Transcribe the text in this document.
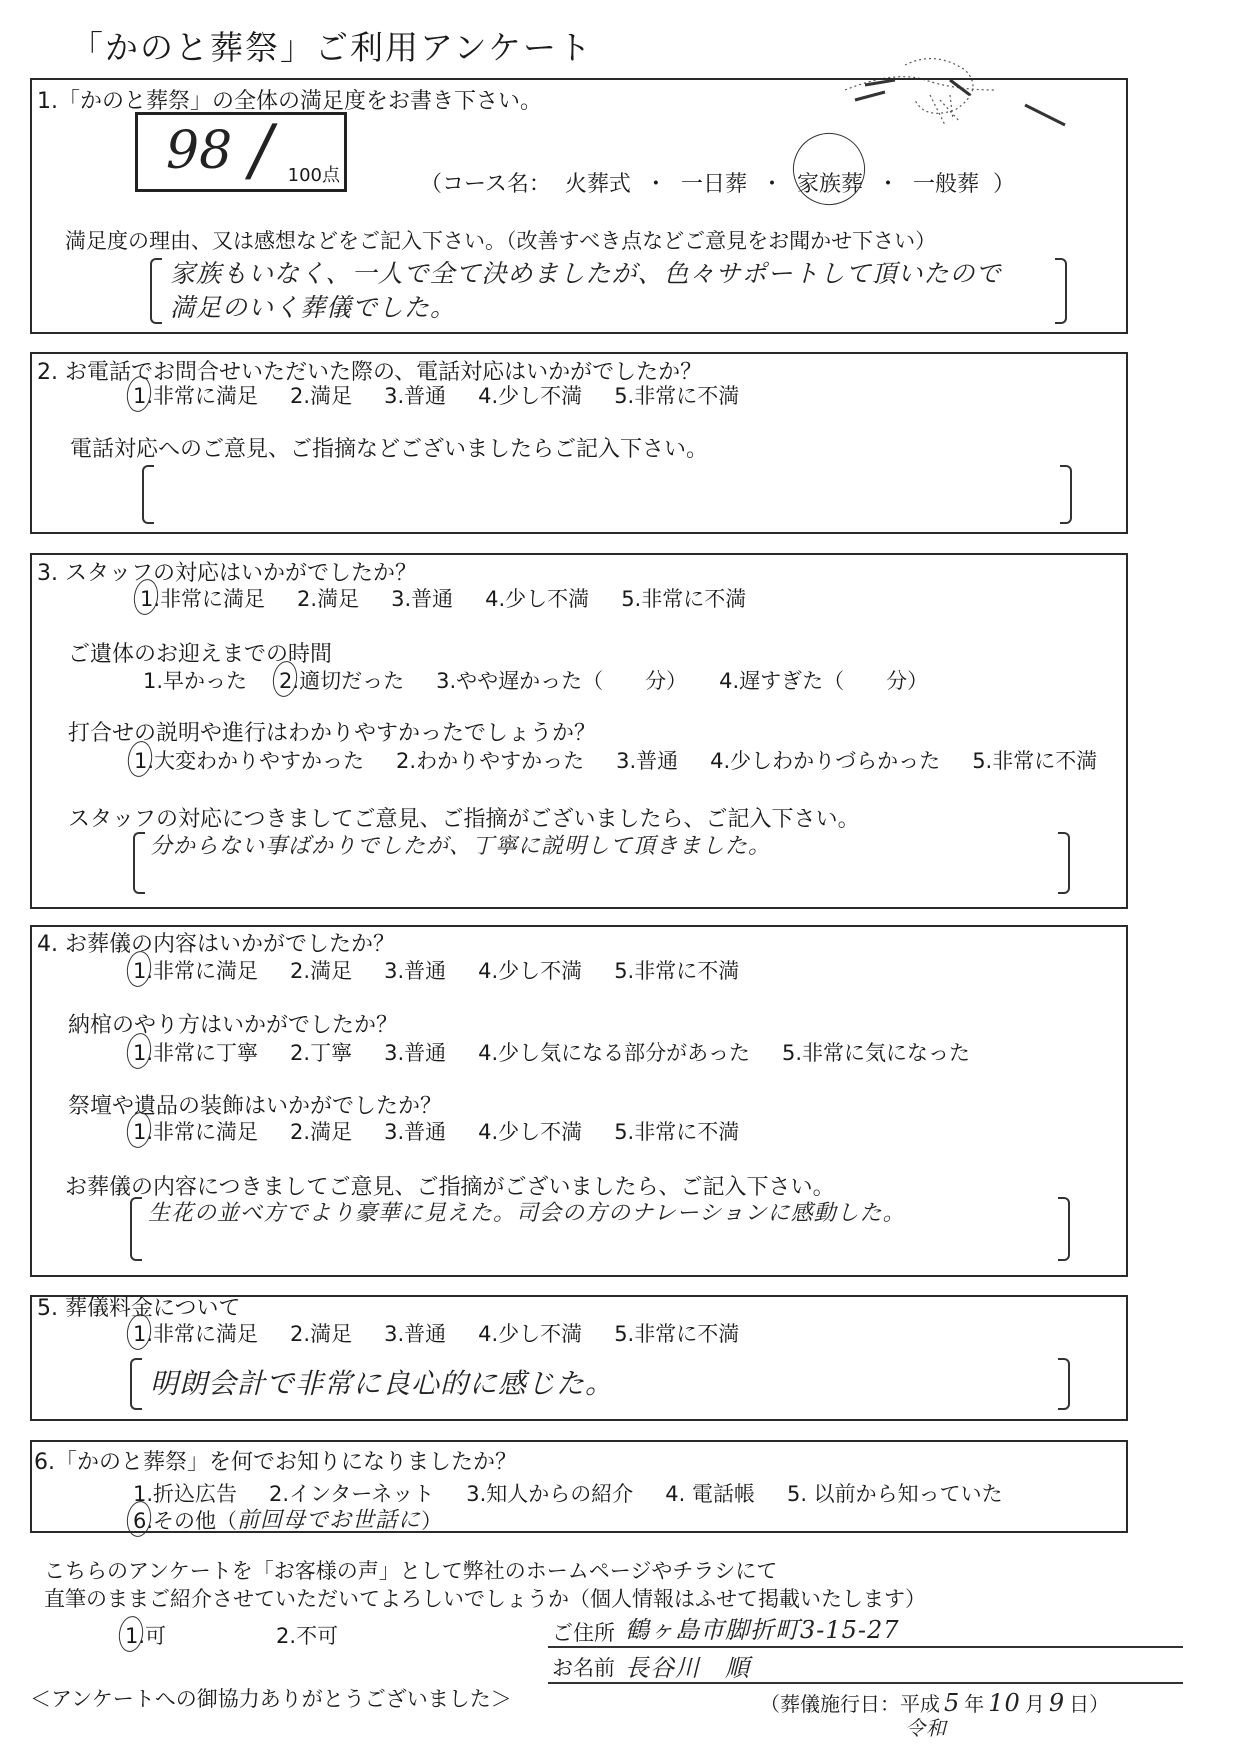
「かのと葬祭」ご利用アンケート
1.「かのと葬祭」の全体の満足度をお書き下さい。
98 / 100点	（コース名： 火葬式 ・ 一日葬 ・ 家族葬 ・ 一般葬 ）
満足度の理由、又は感想などをご記入下さい。（改善すべき点などご意見をお聞かせ下さい）
家族もいなく、一人で全て決めましたが、色々サポートして頂いたので
満足のいく葬儀でした。
2. お電話でお問合せいただいた際の、電話対応はいかがでしたか？
1.非常に満足 2.満足 3.普通 4.少し不満 5.非常に不満
電話対応へのご意見、ご指摘などございましたらご記入下さい。
3. スタッフの対応はいかがでしたか？
1.非常に満足 2.満足 3.普通 4.少し不満 5.非常に不満
ご遺体のお迎えまでの時間
1.早かった 2.適切だった 3.やや遅かった（　　分） 4.遅すぎた（　　分）
打合せの説明や進行はわかりやすかったでしょうか？
1.大変わかりやすかった 2.わかりやすかった 3.普通 4.少しわかりづらかった 5.非常に不満
スタッフの対応につきましてご意見、ご指摘がございましたら、ご記入下さい。
分からない事ばかりでしたが、丁寧に説明して頂きました。
4. お葬儀の内容はいかがでしたか？
1.非常に満足 2.満足 3.普通 4.少し不満 5.非常に不満
納棺のやり方はいかがでしたか？
1.非常に丁寧 2.丁寧 3.普通 4.少し気になる部分があった 5.非常に気になった
祭壇や遺品の装飾はいかがでしたか？
1.非常に満足 2.満足 3.普通 4.少し不満 5.非常に不満
お葬儀の内容につきましてご意見、ご指摘がございましたら、ご記入下さい。
生花の並べ方でより豪華に見えた。司会の方のナレーションに感動した。
5. 葬儀料金について
1.非常に満足 2.満足 3.普通 4.少し不満 5.非常に不満
明朗会計で非常に良心的に感じた。
6.「かのと葬祭」を何でお知りになりましたか？
1.折込広告 2.インターネット 3.知人からの紹介 4. 電話帳 5. 以前から知っていた
6.その他（ 前回母でお世話に ）
こちらのアンケートを「お客様の声」として弊社のホームページやチラシにて
直筆のままご紹介させていただいてよろしいでしょうか（個人情報はふせて掲載いたします）
1.可	2.不可	ご住所 鶴ヶ島市脚折町3-15-27
お名前 長谷川　順
＜アンケートへの御協力ありがとうございました＞	（葬儀施行日：平成 5 年 10 月 9 日）
令和
